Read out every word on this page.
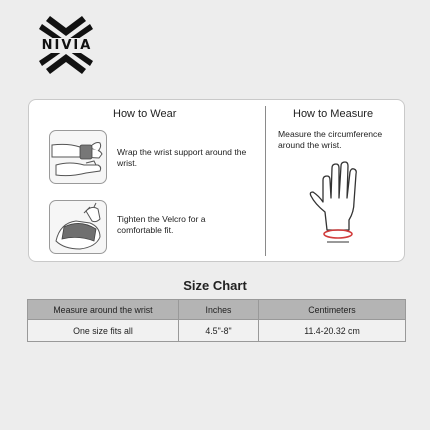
NIVIA
How to Wear	How to Measure
Wrap the wrist support around the wrist.
Tighten the Velcro for a comfortable fit.
Measure the circumference around the wrist.
Size Chart
Measure around the wrist	Inches	Centimeters
One size fits all	4.5"-8"	11.4-20.32 cm
